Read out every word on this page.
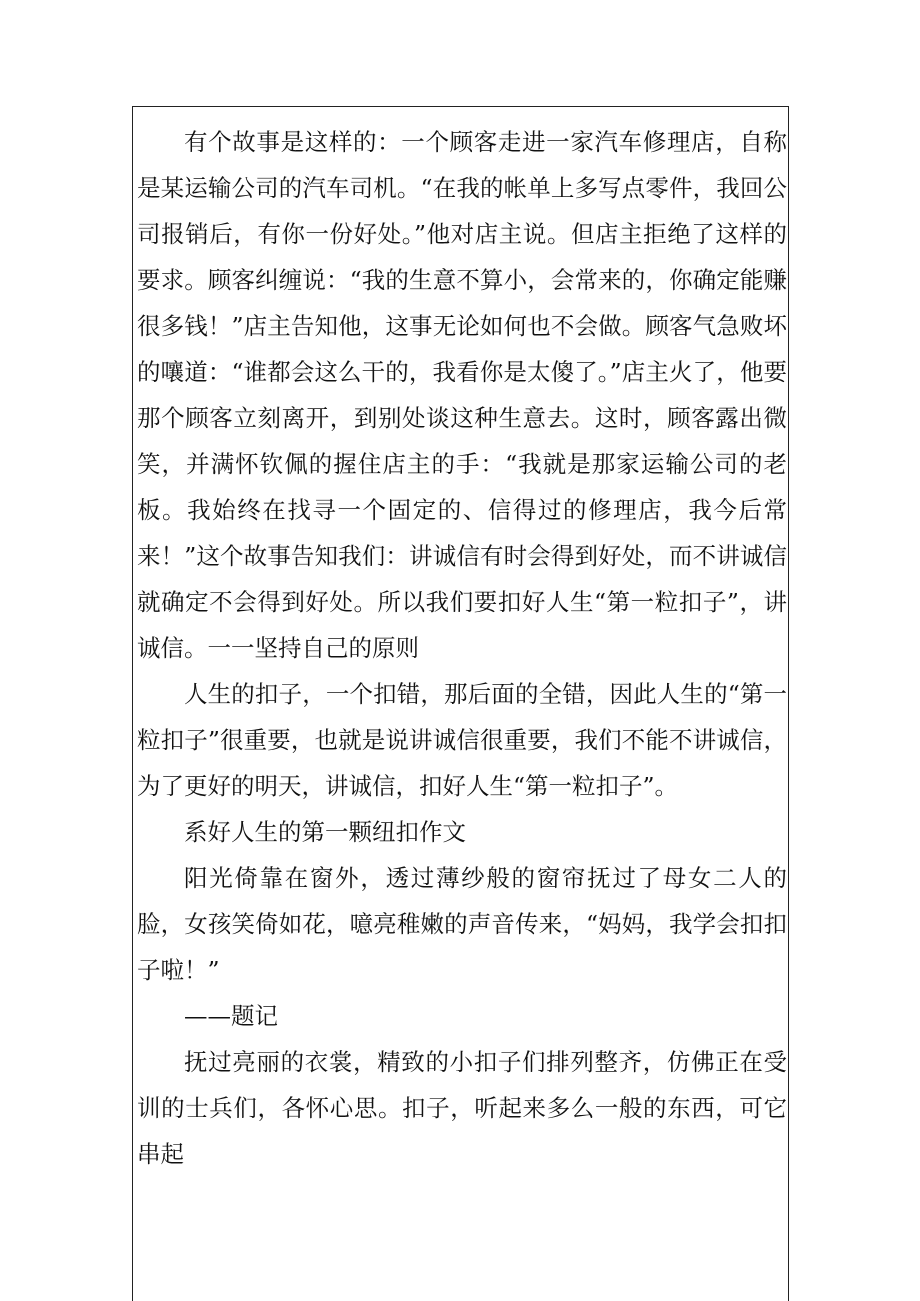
有个故事是这样的：一个顾客走进一家汽车修理店，自称是某运输公司的汽车司机。“在我的帐单上多写点零件，我回公司报销后，有你一份好处。”他对店主说。但店主拒绝了这样的要求。顾客纠缠说：“我的生意不算小，会常来的，你确定能赚很多钱！”店主告知他，这事无论如何也不会做。顾客气急败坏的嚷道：“谁都会这么干的，我看你是太傻了。”店主火了，他要那个顾客立刻离开，到别处谈这种生意去。这时，顾客露出微笑，并满怀钦佩的握住店主的手：“我就是那家运输公司的老板。我始终在找寻一个固定的、信得过的修理店，我今后常来！”这个故事告知我们：讲诚信有时会得到好处，而不讲诚信就确定不会得到好处。所以我们要扣好人生“第一粒扣子”，讲诚信。一一坚持自己的原则

人生的扣子，一个扣错，那后面的全错，因此人生的“第一粒扣子”很重要，也就是说讲诚信很重要，我们不能不讲诚信，为了更好的明天，讲诚信，扣好人生“第一粒扣子”。

系好人生的第一颗纽扣作文

阳光倚靠在窗外，透过薄纱般的窗帘抚过了母女二人的脸，女孩笑倚如花，噫亮稚嫩的声音传来，“妈妈，我学会扣扣子啦！”

——题记

抚过亮丽的衣裳，精致的小扣子们排列整齐，仿佛正在受训的士兵们，各怀心思。扣子，听起来多么一般的东西，可它串起
